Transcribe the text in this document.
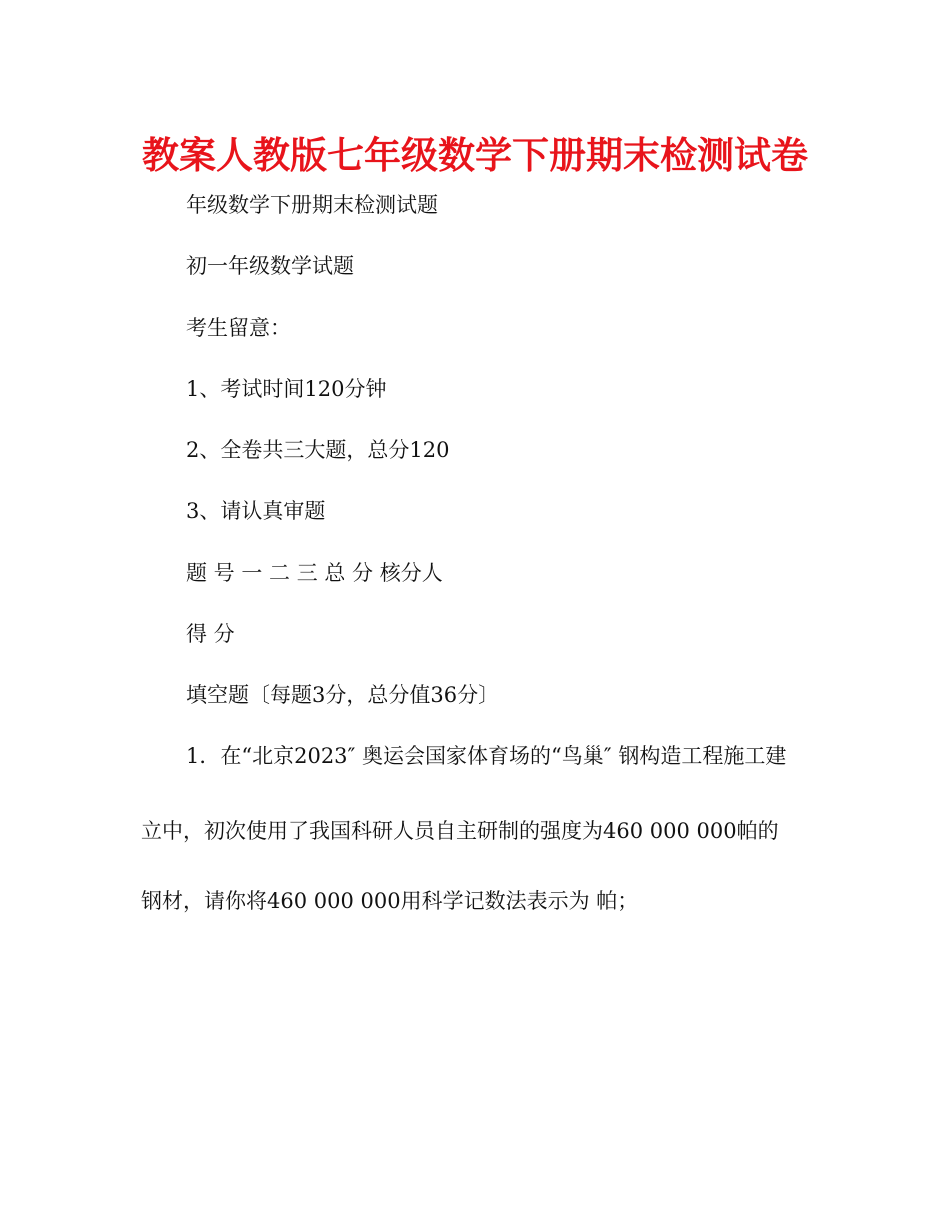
教案人教版七年级数学下册期末检测试卷
年级数学下册期末检测试题
初一年级数学试题
考生留意：
1、考试时间120分钟
2、全卷共三大题，总分120
3、请认真审题
题 号 一 二 三 总 分 核分人
得 分
填空题〔每题3分，总分值36分〕
1．在“北京2023″ 奥运会国家体育场的“鸟巢″ 钢构造工程施工建
立中，初次使用了我国科研人员自主研制的强度为460 000 000帕的
钢材，请你将460 000 000用科学记数法表示为 帕；
